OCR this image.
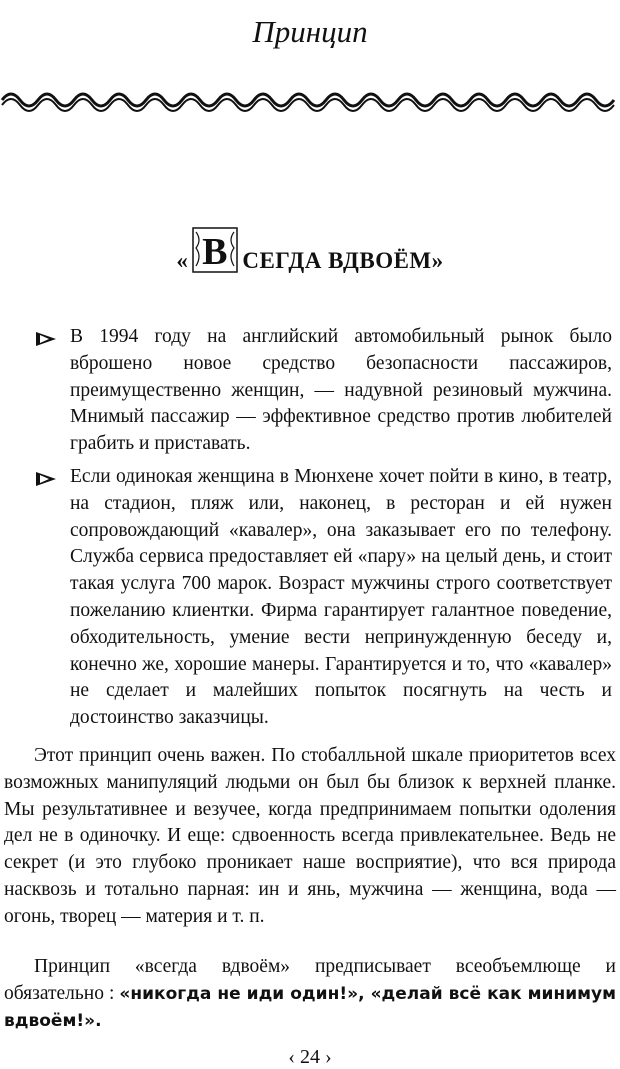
Принцип
« В СЕГДА ВДВОЁМ »
В 1994 году на английский автомобильный рынок было вброшено новое средство безопасности пассажиров, преимущественно женщин, — надувной резиновый мужчина. Мнимый пассажир — эффективное средство против любителей грабить и приставать.
Если одинокая женщина в Мюнхене хочет пойти в кино, в театр, на стадион, пляж или, наконец, в ресторан и ей нужен сопровождающий «кавалер», она заказывает его по телефону. Служба сервиса предоставляет ей «пару» на целый день, и стоит такая услуга 700 марок. Возраст мужчины строго соответствует пожеланию клиентки. Фирма гарантирует галантное поведение, обходительность, умение вести непринужденную беседу и, конечно же, хорошие манеры. Гарантируется и то, что «кавалер» не сделает и малейших попыток посягнуть на честь и достоинство заказчицы.
Этот принцип очень важен. По стобалльной шкале приоритетов всех возможных манипуляций людьми он был бы близок к верхней планке. Мы результативнее и везучее, когда предпринимаем попытки одоления дел не в одиночку. И еще: сдвоенность всегда привлекательнее. Ведь не секрет (и это глубоко проникает наше восприятие), что вся природа насквозь и тотально парная: ин и янь, мужчина — женщина, вода — огонь, творец — материя и т. п.
Принцип «всегда вдвоём» предписывает всеобъемлюще и обязательно : «никогда не иди один!», «делай всё как минимум вдвоём!».
‹ 24 ›
